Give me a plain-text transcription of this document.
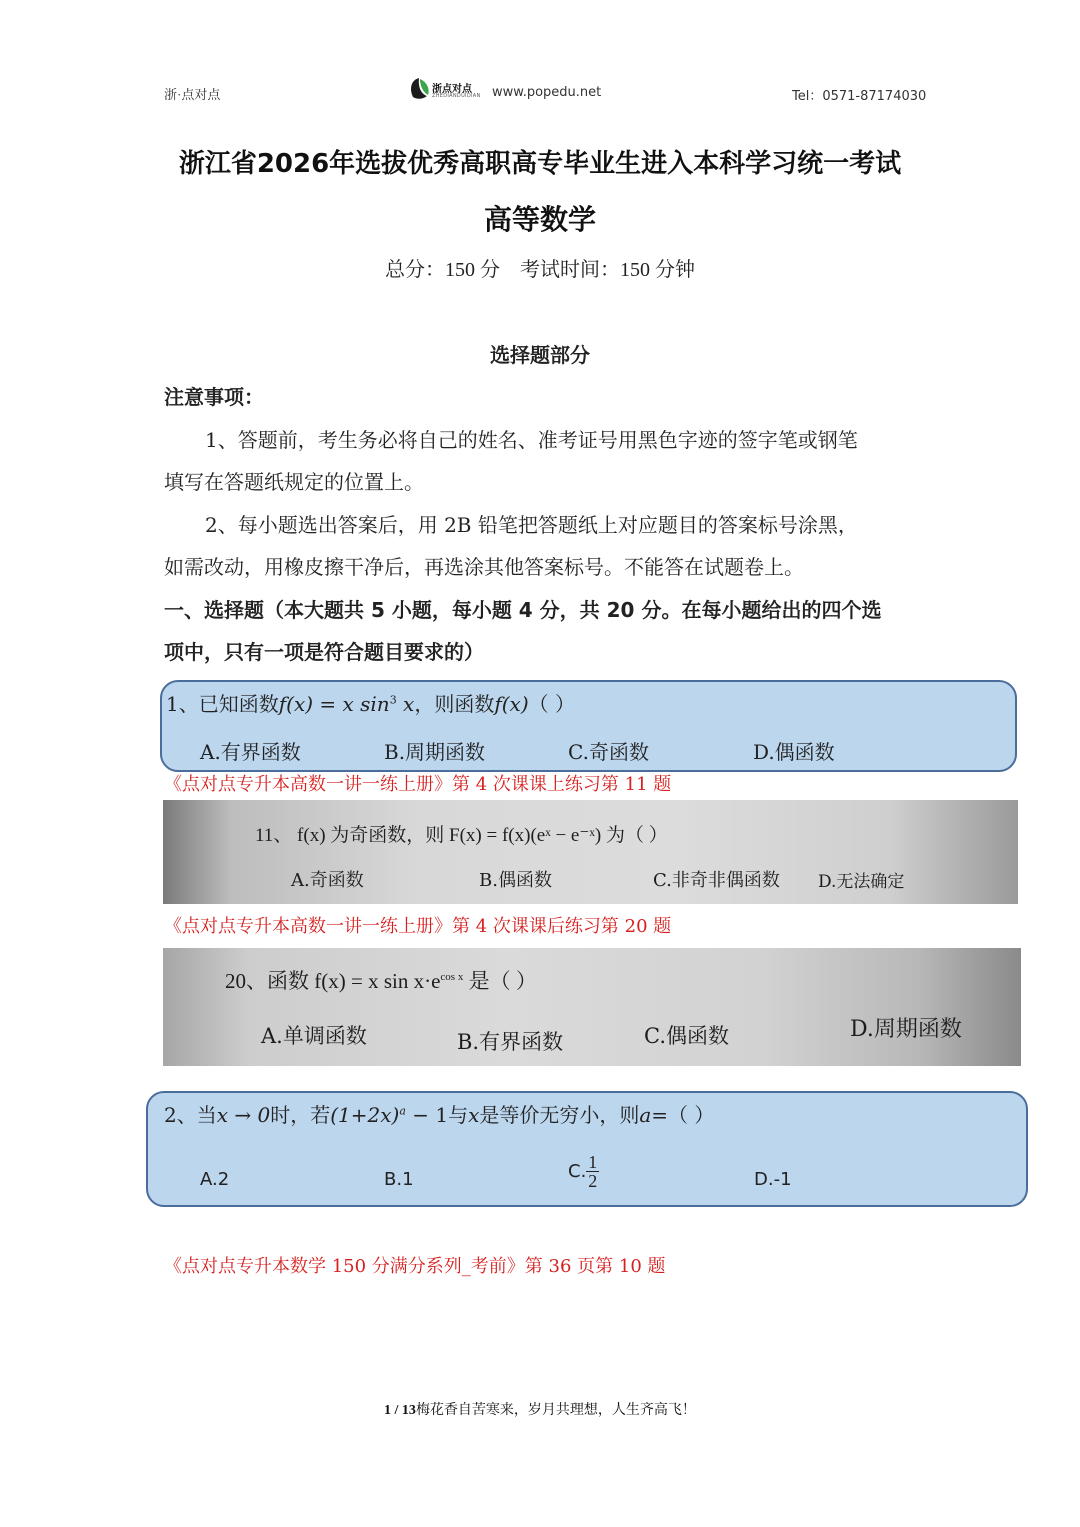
浙·点对点	浙点对点
ZHEDIANDUIDIAN www.popedu.net	Tel：0571-87174030
浙江省2026年选拔优秀高职高专毕业生进入本科学习统一考试
高等数学
总分：150 分    考试时间：150 分钟
选择题部分
注意事项：
1、答题前，考生务必将自己的姓名、准考证号用黑色字迹的签字笔或钢笔
填写在答题纸规定的位置上。
2、每小题选出答案后，用 2B 铅笔把答题纸上对应题目的答案标号涂黑，
如需改动，用橡皮擦干净后，再选涂其他答案标号。不能答在试题卷上。
一、选择题（本大题共 5 小题，每小题 4 分，共 20 分。在每小题给出的四个选
项中，只有一项是符合题目要求的）
1、已知函数f(x) = x $\sin^3 x$，则函数f(x)（ ）
A.有界函数	B.周期函数	C.奇函数	D.偶函数
《点对点专升本高数一讲一练上册》第 4 次课课上练习第 11 题
11、 f(x) 为奇函数，则 F(x) = f(x)(eˣ − e⁻ˣ) 为（ ）
A.奇函数	B.偶函数	C.非奇非偶函数 D.无法确定
《点对点专升本高数一讲一练上册》第 4 次课课后练习第 20 题
20、函数 f(x) = x $\sin x\cdot e^{cos x}$ 是（ ）
A.单调函数	B.有界函数	C.偶函数	D.周期函数
2、当x → 0时，若$(1+2x)^a - 1$与x是等价无穷小，则a=（ ）
A.2	B.1	C. $\frac{1}{2}$	D.-1
《点对点专升本数学 150 分满分系列_考前》第 36 页第 10 题
1 / 13梅花香自苦寒来，岁月共理想，人生齐高飞！
